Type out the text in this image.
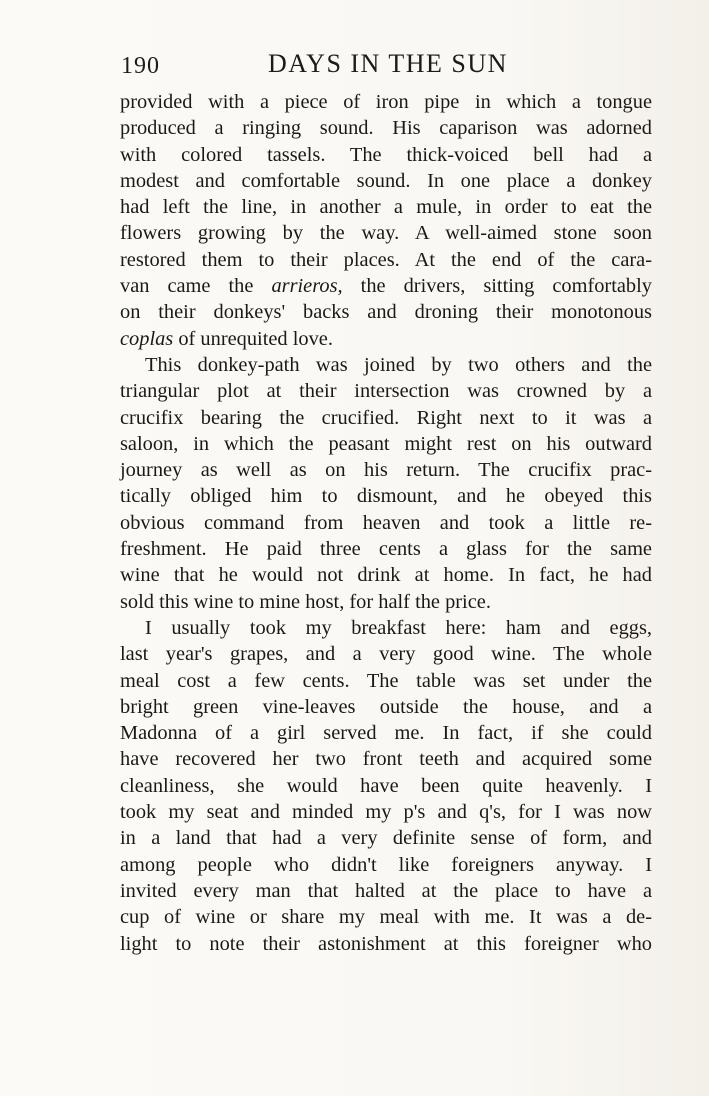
190	DAYS IN THE SUN
provided with a piece of iron pipe in which a tongue
produced a ringing sound. His caparison was adorned
with colored tassels. The thick-voiced bell had a
modest and comfortable sound. In one place a donkey
had left the line, in another a mule, in order to eat the
flowers growing by the way. A well-aimed stone soon
restored them to their places. At the end of the cara-
van came the arrieros, the drivers, sitting comfortably
on their donkeys' backs and droning their monotonous
coplas of unrequited love.
This donkey-path was joined by two others and the
triangular plot at their intersection was crowned by a
crucifix bearing the crucified. Right next to it was a
saloon, in which the peasant might rest on his outward
journey as well as on his return. The crucifix prac-
tically obliged him to dismount, and he obeyed this
obvious command from heaven and took a little re-
freshment. He paid three cents a glass for the same
wine that he would not drink at home. In fact, he had
sold this wine to mine host, for half the price.
I usually took my breakfast here: ham and eggs,
last year's grapes, and a very good wine. The whole
meal cost a few cents. The table was set under the
bright green vine-leaves outside the house, and a
Madonna of a girl served me. In fact, if she could
have recovered her two front teeth and acquired some
cleanliness, she would have been quite heavenly. I
took my seat and minded my p's and q's, for I was now
in a land that had a very definite sense of form, and
among people who didn't like foreigners anyway. I
invited every man that halted at the place to have a
cup of wine or share my meal with me. It was a de-
light to note their astonishment at this foreigner who
